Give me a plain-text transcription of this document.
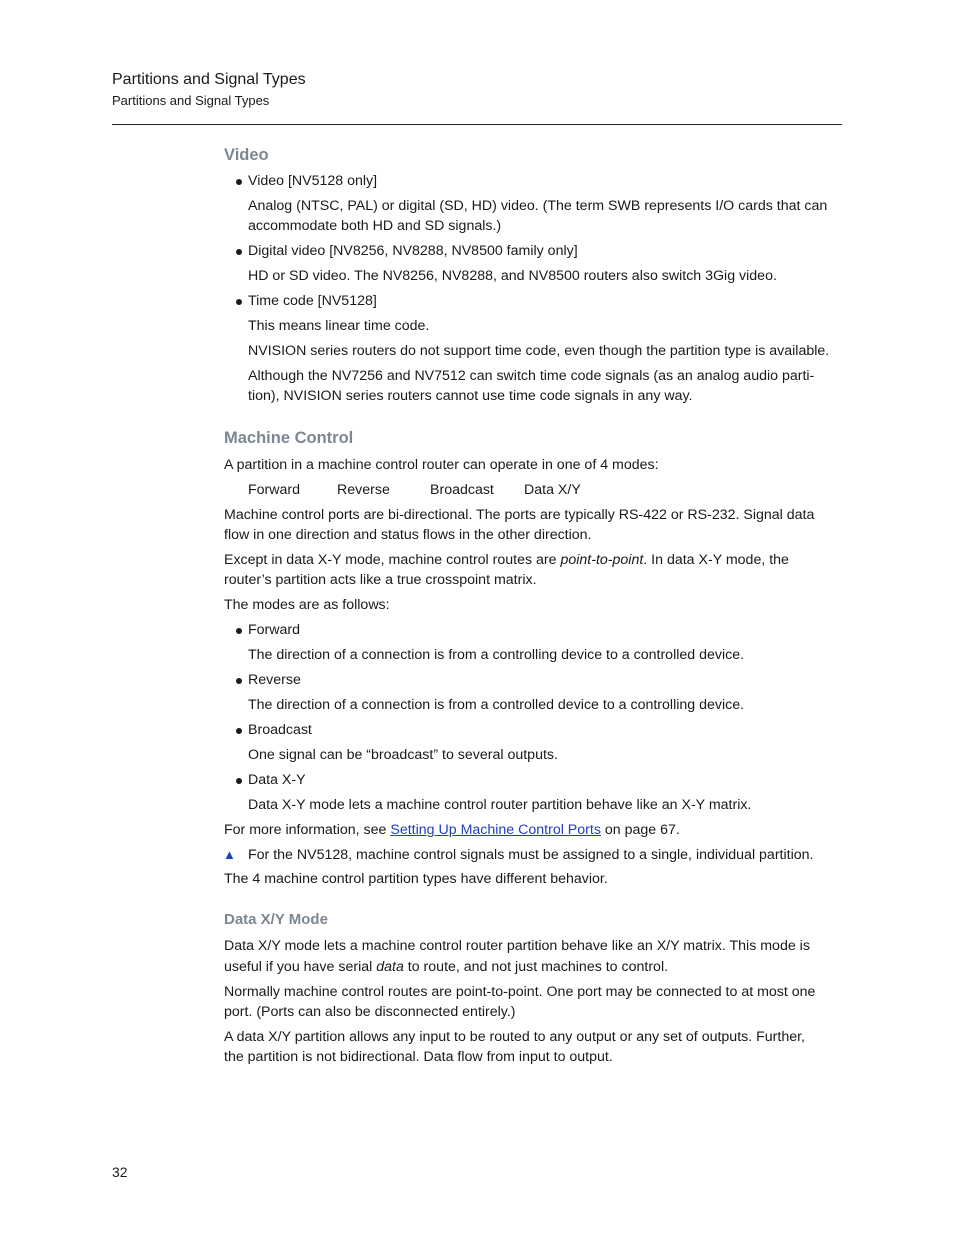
Partitions and Signal Types
Partitions and Signal Types
Video
Video [NV5128 only]
Analog (NTSC, PAL) or digital (SD, HD) video. (The term SWB represents I/O cards that can
accommodate both HD and SD signals.)
Digital video [NV8256, NV8288, NV8500 family only]
HD or SD video. The NV8256, NV8288, and NV8500 routers also switch 3Gig video.
Time code [NV5128]
This means linear time code.
NVISION series routers do not support time code, even though the partition type is available.
Although the NV7256 and NV7512 can switch time code signals (as an analog audio parti-
tion), NVISION series routers cannot use time code signals in any way.
Machine Control
A partition in a machine control router can operate in one of 4 modes:
Forward	Reverse	Broadcast Data X/Y
Machine control ports are bi-directional. The ports are typically RS-422 or RS-232. Signal data
flow in one direction and status flows in the other direction.
Except in data X-Y mode, machine control routes are point-to-point. In data X-Y mode, the
router’s partition acts like a true crosspoint matrix.
The modes are as follows:
Forward
The direction of a connection is from a controlling device to a controlled device.
Reverse
The direction of a connection is from a controlled device to a controlling device.
Broadcast
One signal can be “broadcast” to several outputs.
Data X-Y
Data X-Y mode lets a machine control router partition behave like an X-Y matrix.
For more information, see Setting Up Machine Control Ports on page 67.
▲ For the NV5128, machine control signals must be assigned to a single, individual partition.
The 4 machine control partition types have different behavior.
Data X/Y Mode
Data X/Y mode lets a machine control router partition behave like an X/Y matrix. This mode is
useful if you have serial data to route, and not just machines to control.
Normally machine control routes are point-to-point. One port may be connected to at most one
port. (Ports can also be disconnected entirely.)
A data X/Y partition allows any input to be routed to any output or any set of outputs. Further,
the partition is not bidirectional. Data flow from input to output.
32
